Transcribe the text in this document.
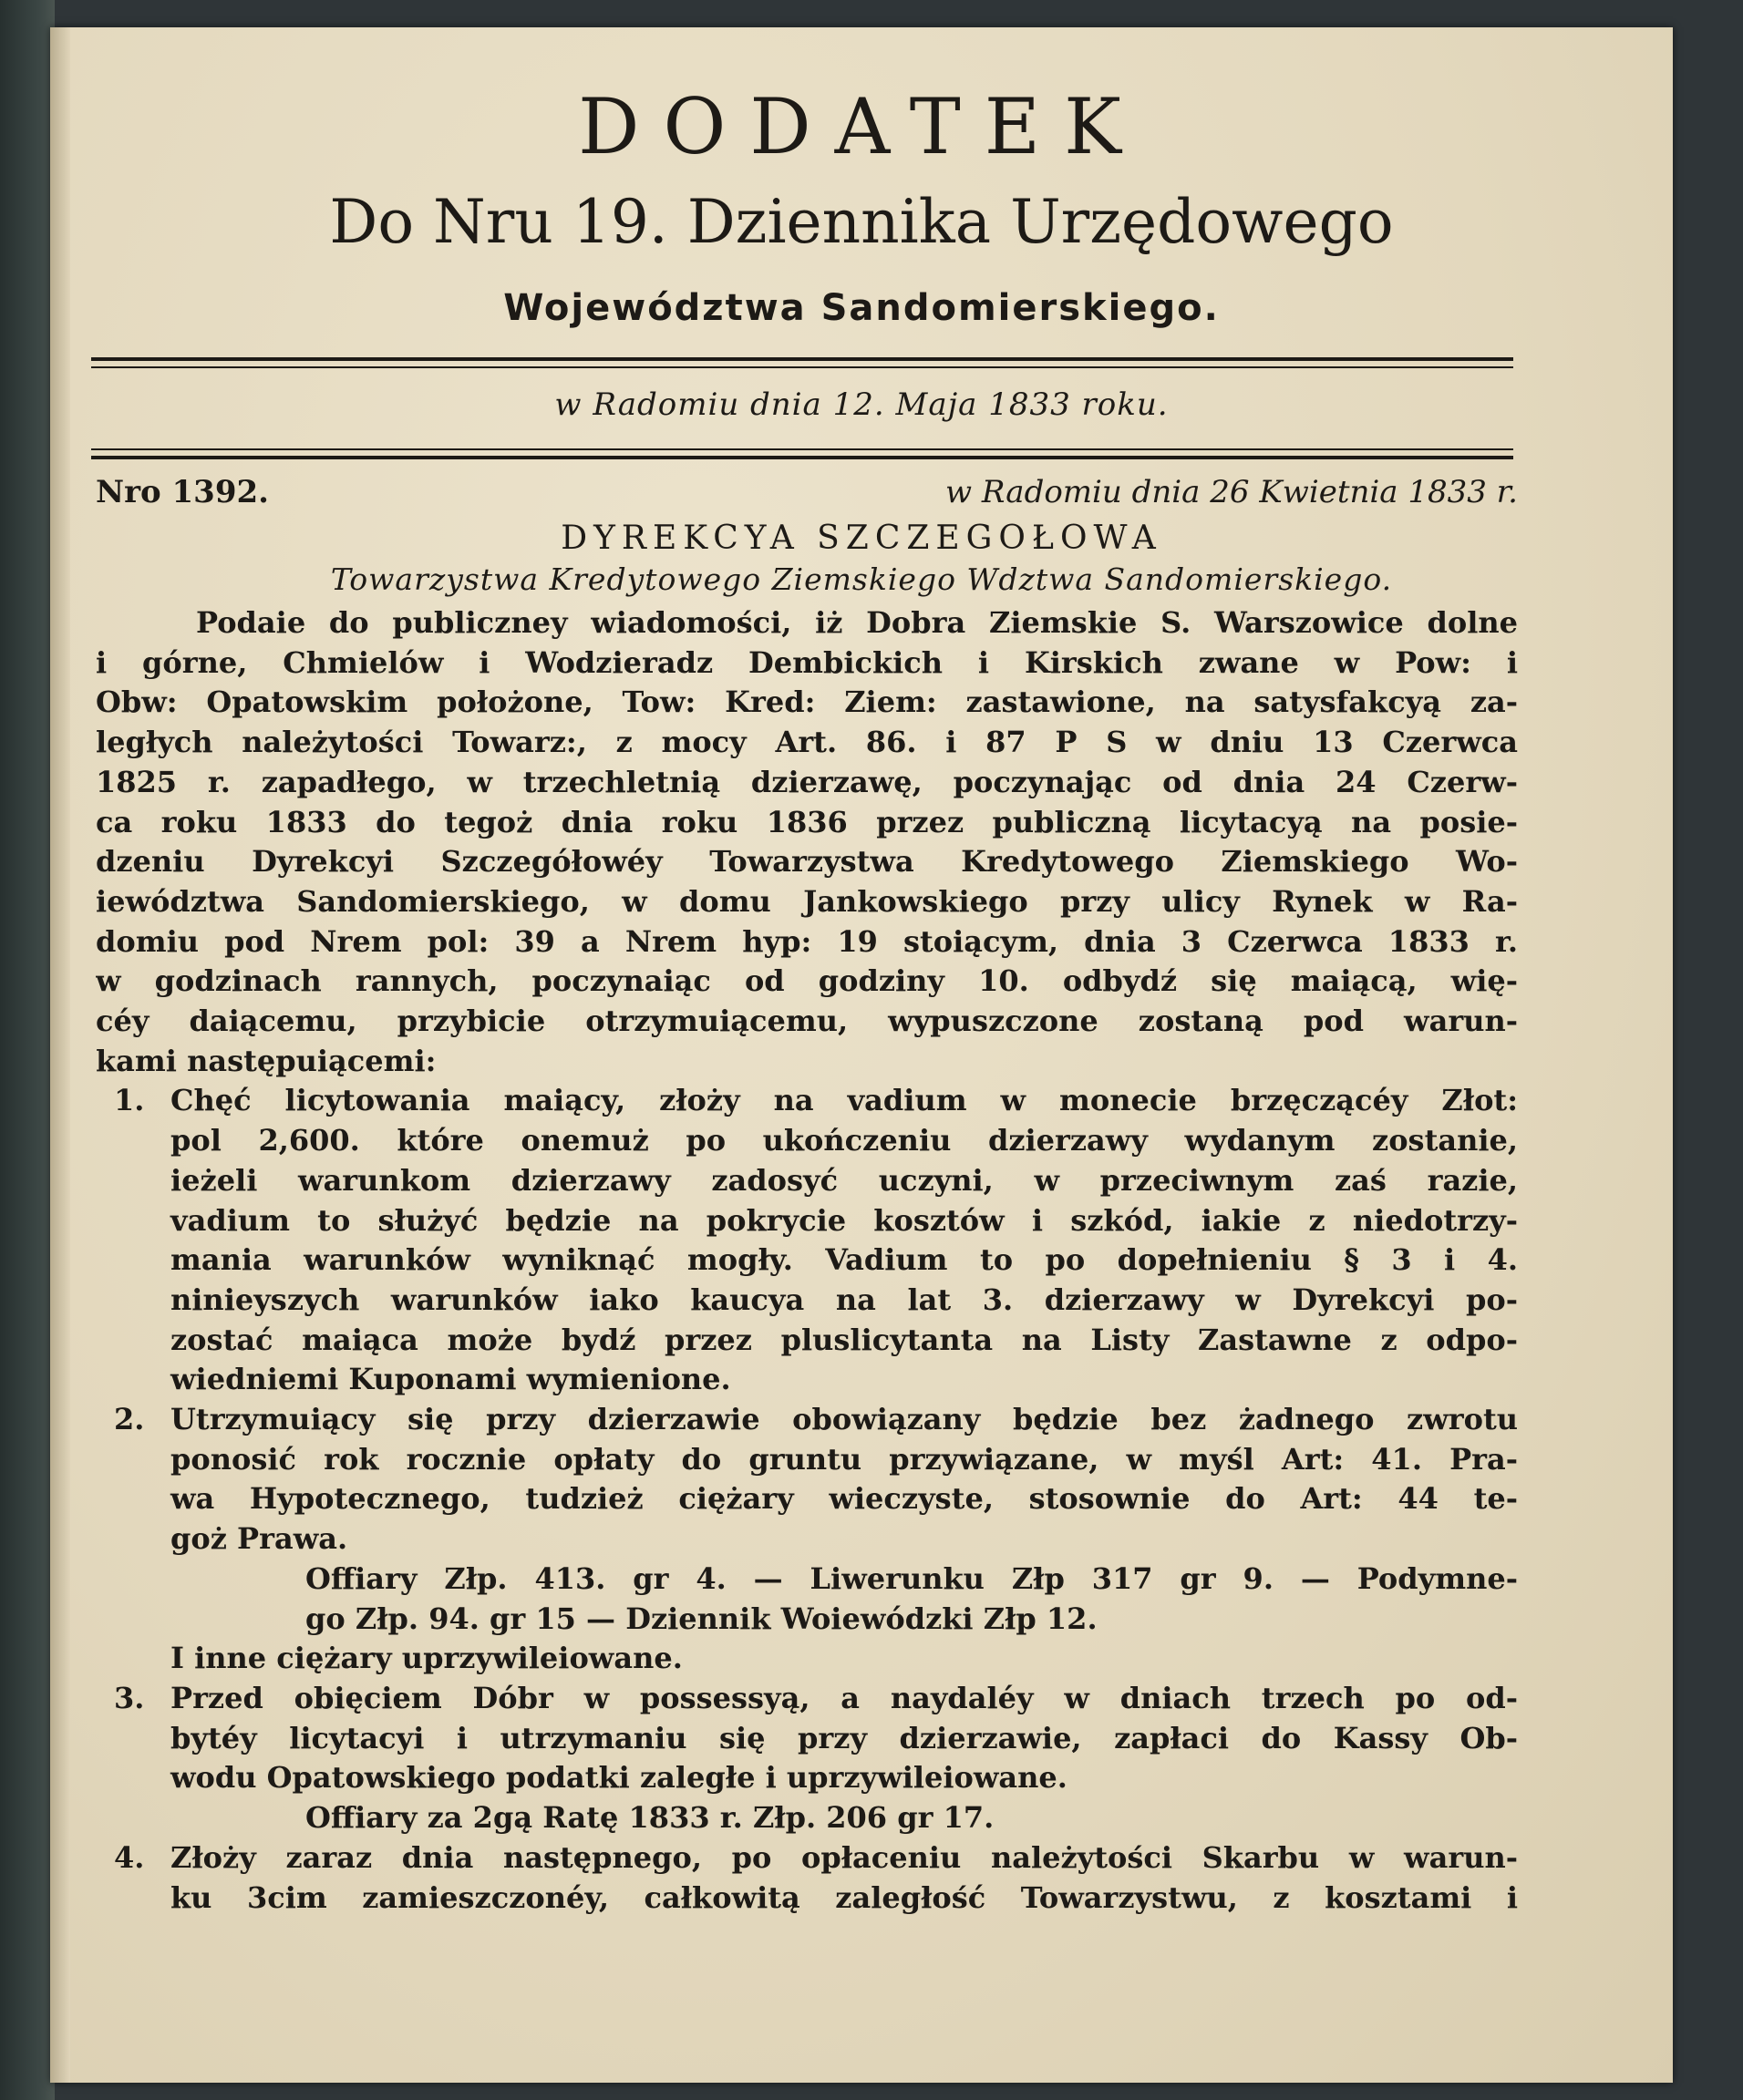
DODATEK
Do Nru 19. Dziennika Urzędowego
Województwa Sandomierskiego.
w Radomiu dnia 12. Maja 1833 roku.
Nro 1392.	w Radomiu dnia 26 Kwietnia 1833 r.
DYREKCYA SZCZEGOŁOWA
Towarzystwa Kredytowego Ziemskiego Wdztwa Sandomierskiego.
Podaie do publiczney wiadomości, iż Dobra Ziemskie S. Warszowice dolne
i górne, Chmielów i Wodzieradz Dembickich i Kirskich zwane w Pow: i
Obw: Opatowskim położone, Tow: Kred: Ziem: zastawione, na satysfakcyą za-
ległych należytości Towarz:, z mocy Art. 86. i 87 P S w dniu 13 Czerwca
1825 r. zapadłego, w trzechletnią dzierzawę, poczynając od dnia 24 Czerw-
ca roku 1833 do tegoż dnia roku 1836 przez publiczną licytacyą na posie-
dzeniu Dyrekcyi Szczegółowéy Towarzystwa Kredytowego Ziemskiego Wo-
iewództwa Sandomierskiego, w domu Jankowskiego przy ulicy Rynek w Ra-
domiu pod Nrem pol: 39 a Nrem hyp: 19 stoiącym, dnia 3 Czerwca 1833 r.
w godzinach rannych, poczynaiąc od godziny 10. odbydź się maiącą, wię-
céy daiącemu, przybicie otrzymuiącemu, wypuszczone zostaną pod warun-
kami następuiącemi:
1. Chęć licytowania maiący, złoży na vadium w monecie brzęczącéy Złot:
pol 2,600. które onemuż po ukończeniu dzierzawy wydanym zostanie,
ieżeli warunkom dzierzawy zadosyć uczyni, w przeciwnym zaś razie,
vadium to służyć będzie na pokrycie kosztów i szkód, iakie z niedotrzy-
mania warunków wyniknąć mogły. Vadium to po dopełnieniu § 3 i 4.
ninieyszych warunków iako kaucya na lat 3. dzierzawy w Dyrekcyi po-
zostać maiąca może bydź przez pluslicytanta na Listy Zastawne z odpo-
wiedniemi Kuponami wymienione.
2. Utrzymuiący się przy dzierzawie obowiązany będzie bez żadnego zwrotu
ponosić rok rocznie opłaty do gruntu przywiązane, w myśl Art: 41. Pra-
wa Hypotecznego, tudzież ciężary wieczyste, stosownie do Art: 44 te-
goż Prawa.
Offiary Złp. 413. gr 4. — Liwerunku Złp 317 gr 9. — Podymne-
go Złp. 94. gr 15 — Dziennik Woiewódzki Złp 12.
I inne ciężary uprzywileiowane.
3. Przed obięciem Dóbr w possessyą, a naydaléy w dniach trzech po od-
bytéy licytacyi i utrzymaniu się przy dzierzawie, zapłaci do Kassy Ob-
wodu Opatowskiego podatki zaległe i uprzywileiowane.
Offiary za 2gą Ratę 1833 r. Złp. 206 gr 17.
4. Złoży zaraz dnia następnego, po opłaceniu należytości Skarbu w warun-
ku 3cim zamieszczonéy, całkowitą zaległość Towarzystwu, z kosztami i
